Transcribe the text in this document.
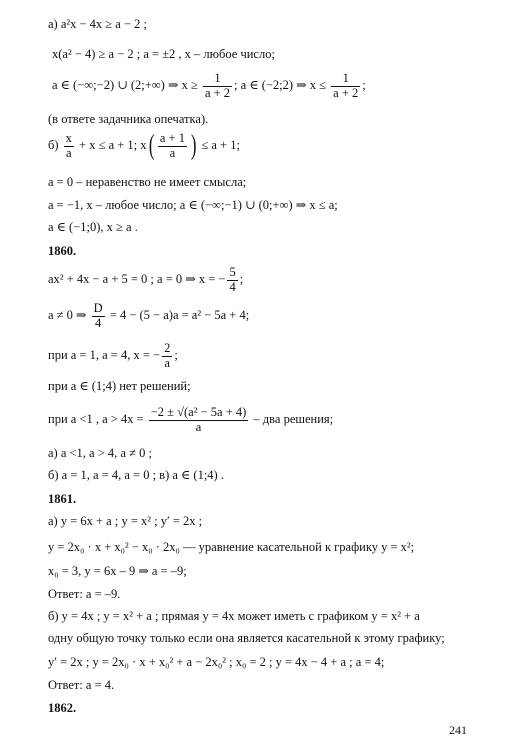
a) a²x − 4x ≥ a − 2 ;
x(a² − 4) ≥ a − 2 ; a = ±2 , x – любое число;
a ∈ (−∞;−2) ∪ (2;+∞) ⇒ $x \ge \frac{1}{a + 2}$ ; a ∈ (−2;2) ⇒ $x \le \frac{1}{a + 2}$ ;
(в ответе задачника опечатка).
$б) \frac{x}{a} + x \le a + 1$; $x( \frac{a + 1}{a}$ ) ≤ a + 1;
a = 0 – неравенство не имеет смысла;
a = −1, x – любое число; a ∈ (−∞;−1) ∪ (0;+∞) ⇒ x ≤ a;
a ∈ (−1;0), x ≥ a .
1860.
ax² + 4x − a + 5 = 0 ; a = 0 ⇒ x = − $\frac{5}{4}$ ;
a ≠ 0 ⇒ $\frac{D}{4} = 4 - (5 - a)a = a^2 - 5a + 4$;
при a = 1, a = 4, x = − $\frac{2}{a}$ ;
при a ∈ (1;4) нет решений;
при a <1 , $a > 4x = \frac{\text{−2 ± √(a² − 5a + 4)}}{a}$ – два решения;
a) a <1, a > 4, a ≠ 0 ;
б) a = 1, a = 4, a = 0 ; в) a ∈ (1;4) .
1861.
a) y = 6x + a ; y = x² ; y′ = 2x ;
y = 2x₀ · x + x₀² − x₀ · 2x₀ — уравнение касательной к графику y = x²;
x₀ = 3, y = 6x – 9 ⇒ a = –9;
Ответ: a = –9.
б) y = 4x ; y = x² + a ; прямая y = 4x может иметь с графиком y = x² + a
одну общую точку только если она является касательной к этому графику;
y′ = 2x ; y = 2x₀ · x + x₀² + a − 2x₀² ; x₀ = 2 ; y = 4x − 4 + a ; a = 4;
Ответ: a = 4.
1862.
241
